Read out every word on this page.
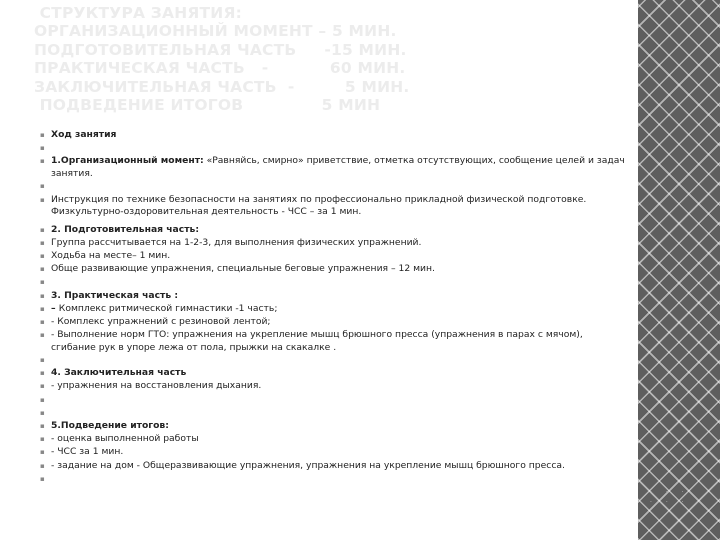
СТРУКТУРА ЗАНЯТИЯ:
ОРГАНИЗАЦИОННЫЙ МОМЕНТ – 5 МИН.
ПОДГОТОВИТЕЛЬНАЯ ЧАСТЬ     -15 МИН.
ПРАКТИЧЕСКАЯ ЧАСТЬ   -           60 МИН.
ЗАКЛЮЧИТЕЛЬНАЯ ЧАСТЬ  -         5 МИН.
ПОДВЕДЕНИЕ ИТОГОВ              5 МИН
▪ Ход занятия
▪
▪ 1.Организационный момент: «Равняйсь, смирно» приветствие, отметка отсутствующих, сообщение целей и задач занятия.
▪
▪ Инструкция по технике безопасности на занятиях по профессионально прикладной физической подготовке. Физкультурно-оздоровительная деятельность - ЧСС – за 1 мин.
▪ 2. Подготовительная часть:
▪ Группа рассчитывается на 1-2-3, для выполнения физических упражнений.
▪ Ходьба на месте– 1 мин.
▪ Обще развивающие упражнения, специальные беговые упражнения – 12 мин.
▪
▪ 3. Практическая часть :
▪ – Комплекс ритмической гимнастики -1 часть;
▪ - Комплекс упражнений с резиновой лентой;
▪ - Выполнение норм ГТО: упражнения на укрепление мышц брюшного пресса (упражнения в парах с мячом), сгибание рук в упоре лежа от пола, прыжки на скакалке .
▪
▪ 4. Заключительная часть
▪ - упражнения на восстановления дыхания.
▪
▪
▪ 5.Подведение итогов:
▪ - оценка выполненной работы
▪ - ЧСС за 1 мин.
▪ - задание на дом - Общеразвивающие упражнения, упражнения на укрепление мышц брюшного пресса.
▪
· · ·
· · ·
